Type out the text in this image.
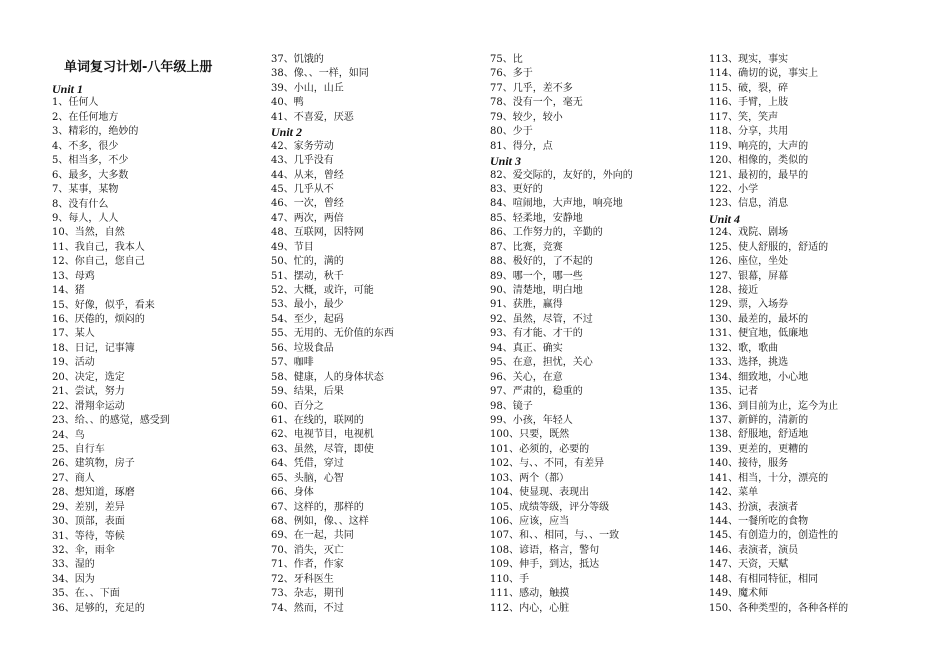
单词复习计划-八年级上册
Unit 1
1、任何人
2、在任何地方
3、精彩的，绝妙的
4、不多，很少
5、相当多，不少
6、最多，大多数
7、某事，某物
8、没有什么
9、每人，人人
10、当然，自然
11、我自己，我本人
12、你自己，您自己
13、母鸡
14、猪
15、好像，似乎，看来
16、厌倦的，烦闷的
17、某人
18、日记，记事簿
19、活动
20、决定，选定
21、尝试，努力
22、滑翔伞运动
23、给、、的感觉，感受到
24、鸟
25、自行车
26、建筑物，房子
27、商人
28、想知道，琢磨
29、差别，差异
30、顶部，表面
31、等待，等候
32、伞，雨伞
33、湿的
34、因为
35、在、、下面
36、足够的，充足的
37、饥饿的
38、像、、一样，如同
39、小山，山丘
40、鸭
41、不喜爱，厌恶
Unit 2
42、家务劳动
43、几乎没有
44、从来，曾经
45、几乎从不
46、一次，曾经
47、两次，两倍
48、互联网，因特网
49、节目
50、忙的，满的
51、摆动，秋千
52、大概，或许，可能
53、最小，最少
54、至少，起码
55、无用的、无价值的东西
56、垃圾食品
57、咖啡
58、健康，人的身体状态
59、结果，后果
60、百分之
61、在线的，联网的
62、电视节目，电视机
63、虽然，尽管，即使
64、凭借，穿过
65、头脑，心智
66、身体
67、这样的，那样的
68、例如，像、、这样
69、在一起，共同
70、消失，灭亡
71、作者，作家
72、牙科医生
73、杂志，期刊
74、然而，不过
75、比
76、多于
77、几乎，差不多
78、没有一个，毫无
79、较少，较小
80、少于
81、得分，点
Unit 3
82、爱交际的，友好的，外向的
83、更好的
84、喧闹地，大声地，响亮地
85、轻柔地，安静地
86、工作努力的，辛勤的
87、比赛，竞赛
88、极好的，了不起的
89、哪一个，哪一些
90、清楚地，明白地
91、获胜，赢得
92、虽然，尽管，不过
93、有才能、才干的
94、真正、确实
95、在意，担忧，关心
96、关心，在意
97、严肃的，稳重的
98、镜子
99、小孩，年轻人
100、只要，既然
101、必须的，必要的
102、与、、不同，有差异
103、两个（都）
104、使显现、表现出
105、成绩等级，评分等级
106、应该，应当
107、和、、相同，与、、一致
108、谚语，格言，警句
109、伸手，到达，抵达
110、手
111、感动，触摸
112、内心，心脏
113、现实，事实
114、确切的说，事实上
115、破，裂，碎
116、手臂，上肢
117、笑，笑声
118、分享，共用
119、响亮的，大声的
120、相像的，类似的
121、最初的，最早的
122、小学
123、信息，消息
Unit 4
124、戏院、剧场
125、使人舒服的，舒适的
126、座位，坐处
127、银幕，屏幕
128、接近
129、票，入场券
130、最差的，最坏的
131、便宜地，低廉地
132、歌，歌曲
133、选择，挑选
134、细致地，小心地
135、记者
136、到目前为止，迄今为止
137、新鲜的，清新的
138、舒服地，舒适地
139、更差的，更糟的
140、接待，服务
141、相当，十分，漂亮的
142、菜单
143、扮演，表演者
144、一餐所吃的食物
145、有创造力的，创造性的
146、表演者，演员
147、天资，天赋
148、有相同特征，相同
149、魔术师
150、各种类型的，各种各样的
